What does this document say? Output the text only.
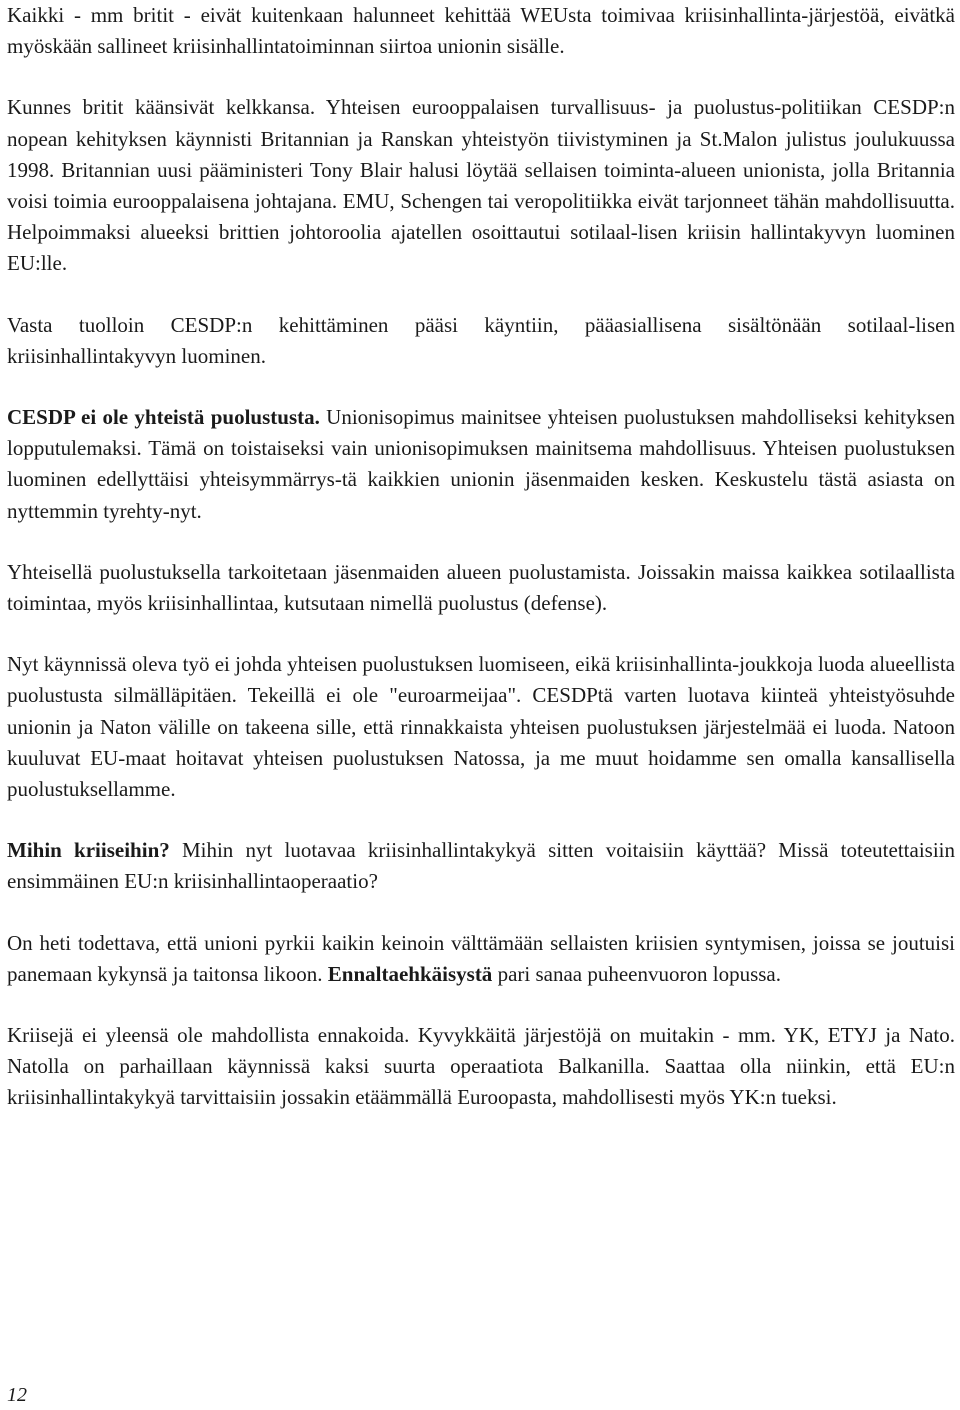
Kaikki - mm britit - eivät kuitenkaan halunneet kehittää WEUsta toimivaa kriisinhallinta-järjestöä, eivätkä myöskään sallineet kriisinhallintatoiminnan siirtoa unionin sisälle.

Kunnes britit käänsivät kelkkansa. Yhteisen eurooppalaisen turvallisuus- ja puolustus-politiikan CESDP:n nopean kehityksen käynnisti Britannian ja Ranskan yhteistyön tiivistyminen ja St.Malon julistus joulukuussa 1998. Britannian uusi pääministeri Tony Blair halusi löytää sellaisen toiminta-alueen unionista, jolla Britannia voisi toimia eurooppalaisena johtajana. EMU, Schengen tai veropolitiikka eivät tarjonneet tähän mahdollisuutta. Helpoimmaksi alueeksi brittien johtoroolia ajatellen osoittautui sotilaal-lisen kriisin hallintakyvyn luominen EU:lle.

Vasta tuolloin CESDP:n kehittäminen pääsi käyntiin, pääasiallisena sisältönään sotilaal-lisen kriisinhallintakyvyn luominen.

CESDP ei ole yhteistä puolustusta. Unionisopimus mainitsee yhteisen puolustuksen mahdolliseksi kehityksen lopputulemaksi. Tämä on toistaiseksi vain unionisopimuksen mainitsema mahdollisuus. Yhteisen puolustuksen luominen edellyttäisi yhteisymmärrys-tä kaikkien unionin jäsenmaiden kesken. Keskustelu tästä asiasta on nyttemmin tyrehty-nyt.

Yhteisellä puolustuksella tarkoitetaan jäsenmaiden alueen puolustamista. Joissakin maissa kaikkea sotilaallista toimintaa, myös kriisinhallintaa, kutsutaan nimellä puolustus (defense).

Nyt käynnissä oleva työ ei johda yhteisen puolustuksen luomiseen, eikä kriisinhallinta-joukkoja luoda alueellista puolustusta silmälläpitäen. Tekeillä ei ole "euroarmeijaa". CESDPtä varten luotava kiinteä yhteistyösuhde unionin ja Naton välille on takeena sille, että rinnakkaista yhteisen puolustuksen järjestelmää ei luoda. Natoon kuuluvat EU-maat hoitavat yhteisen puolustuksen Natossa, ja me muut hoidamme sen omalla kansallisella puolustuksellamme.

Mihin kriiseihin? Mihin nyt luotavaa kriisinhallintakykyä sitten voitaisiin käyttää? Missä toteutettaisiin ensimmäinen EU:n kriisinhallintaoperaatio?

On heti todettava, että unioni pyrkii kaikin keinoin välttämään sellaisten kriisien syntymisen, joissa se joutuisi panemaan kykynsä ja taitonsa likoon. Ennaltaehkäisystä pari sanaa puheenvuoron lopussa.

Kriisejä ei yleensä ole mahdollista ennakoida. Kyvykkäitä järjestöjä on muitakin - mm. YK, ETYJ ja Nato. Natolla on parhaillaan käynnissä kaksi suurta operaatiota Balkanilla. Saattaa olla niinkin, että EU:n kriisinhallintakykyä tarvittaisiin jossakin etäämmällä Euroopasta, mahdollisesti myös YK:n tueksi.

12
